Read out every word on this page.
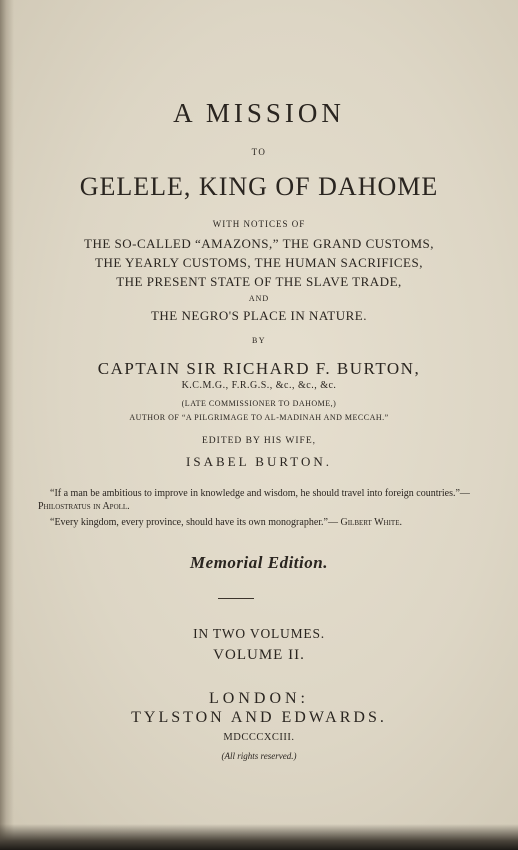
A MISSION
TO
GELELE, KING OF DAHOME
WITH NOTICES OF
THE SO-CALLED “AMAZONS,” THE GRAND CUSTOMS,
THE YEARLY CUSTOMS, THE HUMAN SACRIFICES,
THE PRESENT STATE OF THE SLAVE TRADE,
AND
THE NEGRO'S PLACE IN NATURE.
BY
CAPTAIN SIR RICHARD F. BURTON,
K.C.M.G., F.R.G.S., &c., &c., &c.
(LATE COMMISSIONER TO DAHOME,)
AUTHOR OF “A PILGRIMAGE TO AL-MADINAH AND MECCAH.”
EDITED BY HIS WIFE,
ISABEL BURTON.
“If a man be ambitious to improve in knowledge and wisdom, he should travel into foreign countries.”—Philostratus in Apoll.
“Every kingdom, every province, should have its own monographer.”— Gilbert White.
Memorial Edition.
IN TWO VOLUMES.
VOLUME II.
LONDON:
TYLSTON AND EDWARDS.
MDCCCXCIII.
(All rights reserved.)
